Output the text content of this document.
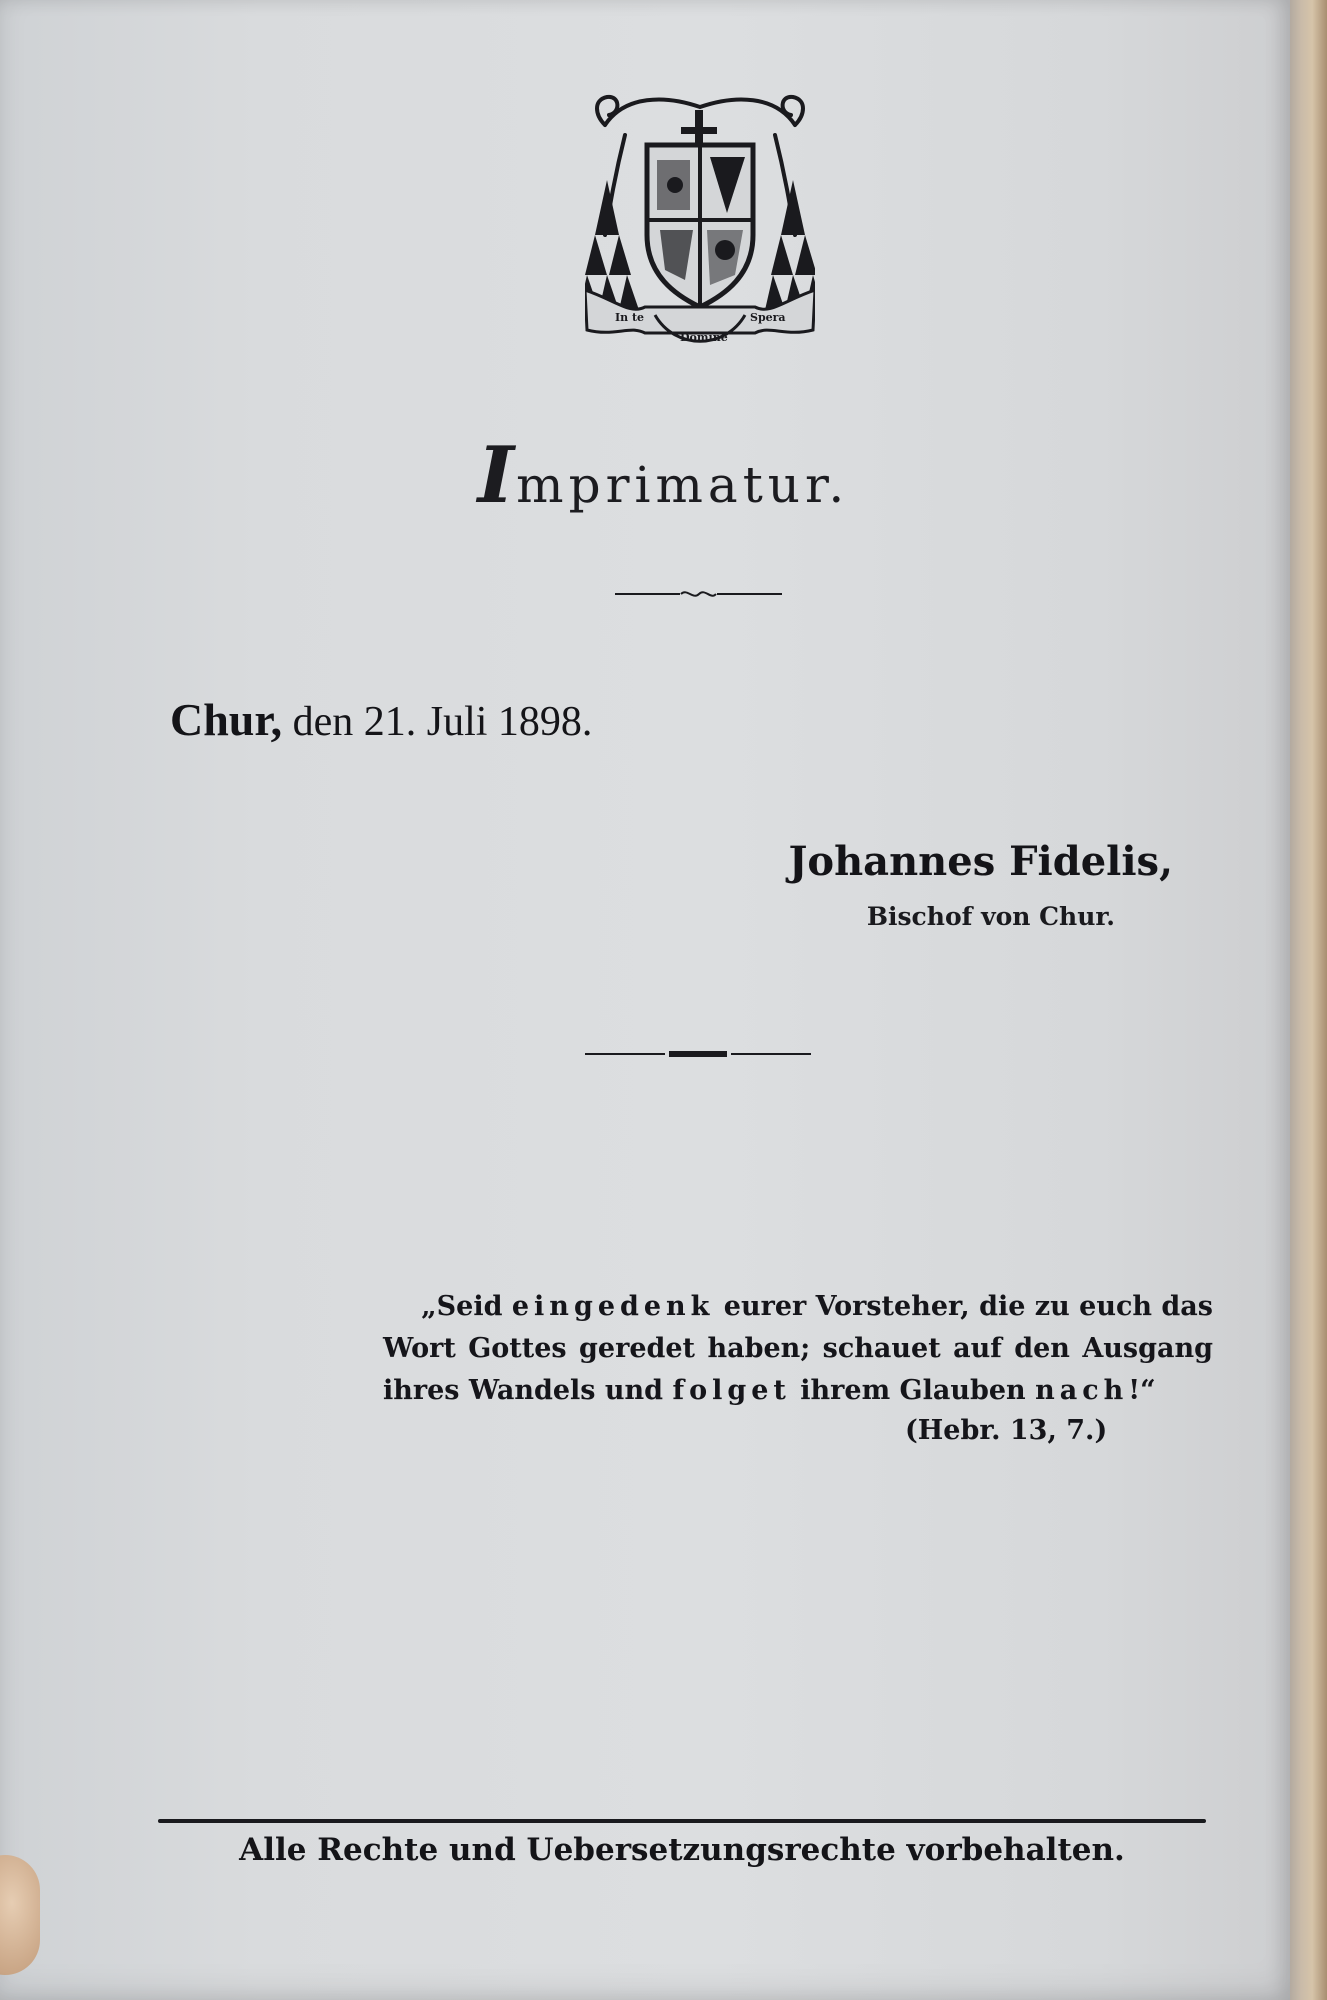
In te	Spera
Domine
Imprimatur.
Chur, den 21. Juli 1898.
Johannes Fidelis,
Bischof von Chur.
„Seid eingedenk eurer Vorsteher, die zu euch das
Wort Gottes geredet haben; schauet auf den Ausgang
ihres Wandels und folget ihrem Glauben nach!“
(Hebr. 13, 7.)
Alle Rechte und Uebersetzungsrechte vorbehalten.
